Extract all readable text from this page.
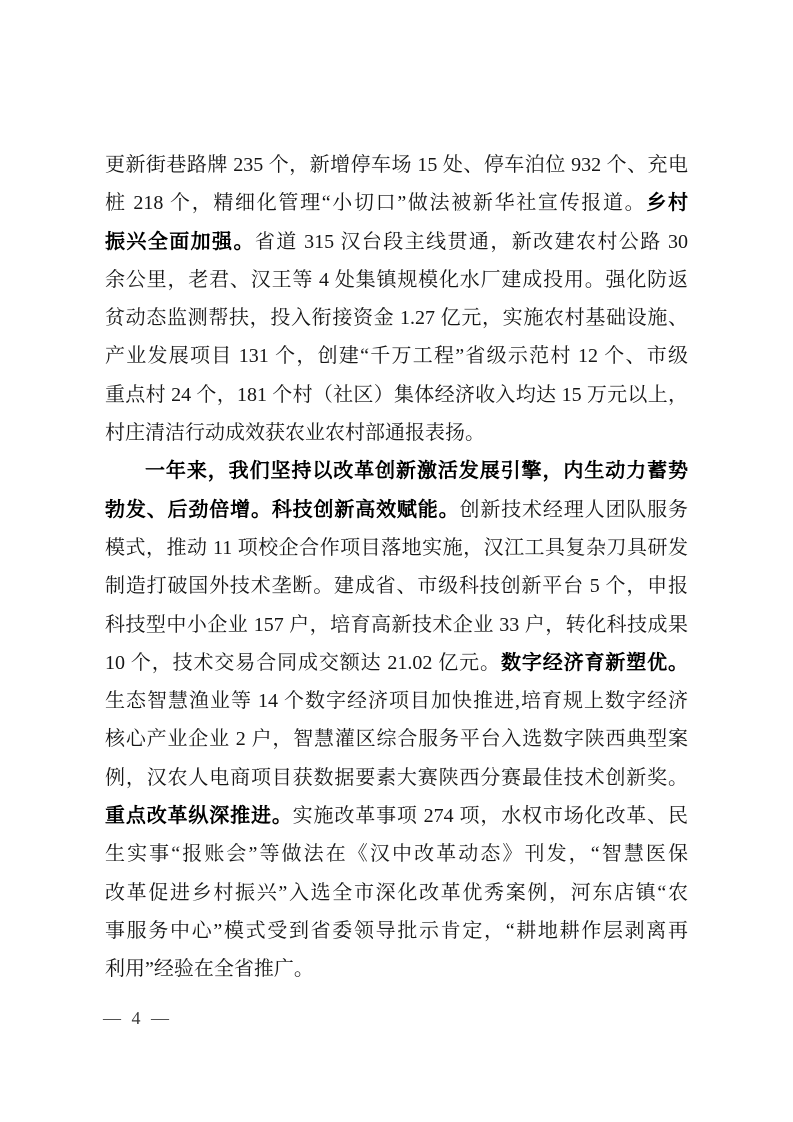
更新街巷路牌 235 个，新增停车场 15 处、停车泊位 932 个、充电
桩 218 个，精细化管理“小切口”做法被新华社宣传报道。乡村
振兴全面加强。省道 315 汉台段主线贯通，新改建农村公路 30
余公里，老君、汉王等 4 处集镇规模化水厂建成投用。强化防返
贫动态监测帮扶，投入衔接资金 1.27 亿元，实施农村基础设施、
产业发展项目 131 个，创建“千万工程”省级示范村 12 个、市级
重点村 24 个，181 个村（社区）集体经济收入均达 15 万元以上，
村庄清洁行动成效获农业农村部通报表扬。
一年来，我们坚持以改革创新激活发展引擎，内生动力蓄势
勃发、后劲倍增。科技创新高效赋能。创新技术经理人团队服务
模式，推动 11 项校企合作项目落地实施，汉江工具复杂刀具研发
制造打破国外技术垄断。建成省、市级科技创新平台 5 个，申报
科技型中小企业 157 户，培育高新技术企业 33 户，转化科技成果
10 个，技术交易合同成交额达 21.02 亿元。数字经济育新塑优。
生态智慧渔业等 14 个数字经济项目加快推进,培育规上数字经济
核心产业企业 2 户，智慧灌区综合服务平台入选数字陕西典型案
例，汉农人电商项目获数据要素大赛陕西分赛最佳技术创新奖。
重点改革纵深推进。实施改革事项 274 项，水权市场化改革、民
生实事“报账会”等做法在《汉中改革动态》刊发，“智慧医保
改革促进乡村振兴”入选全市深化改革优秀案例，河东店镇“农
事服务中心”模式受到省委领导批示肯定，“耕地耕作层剥离再
利用”经验在全省推广。
— 4 —
